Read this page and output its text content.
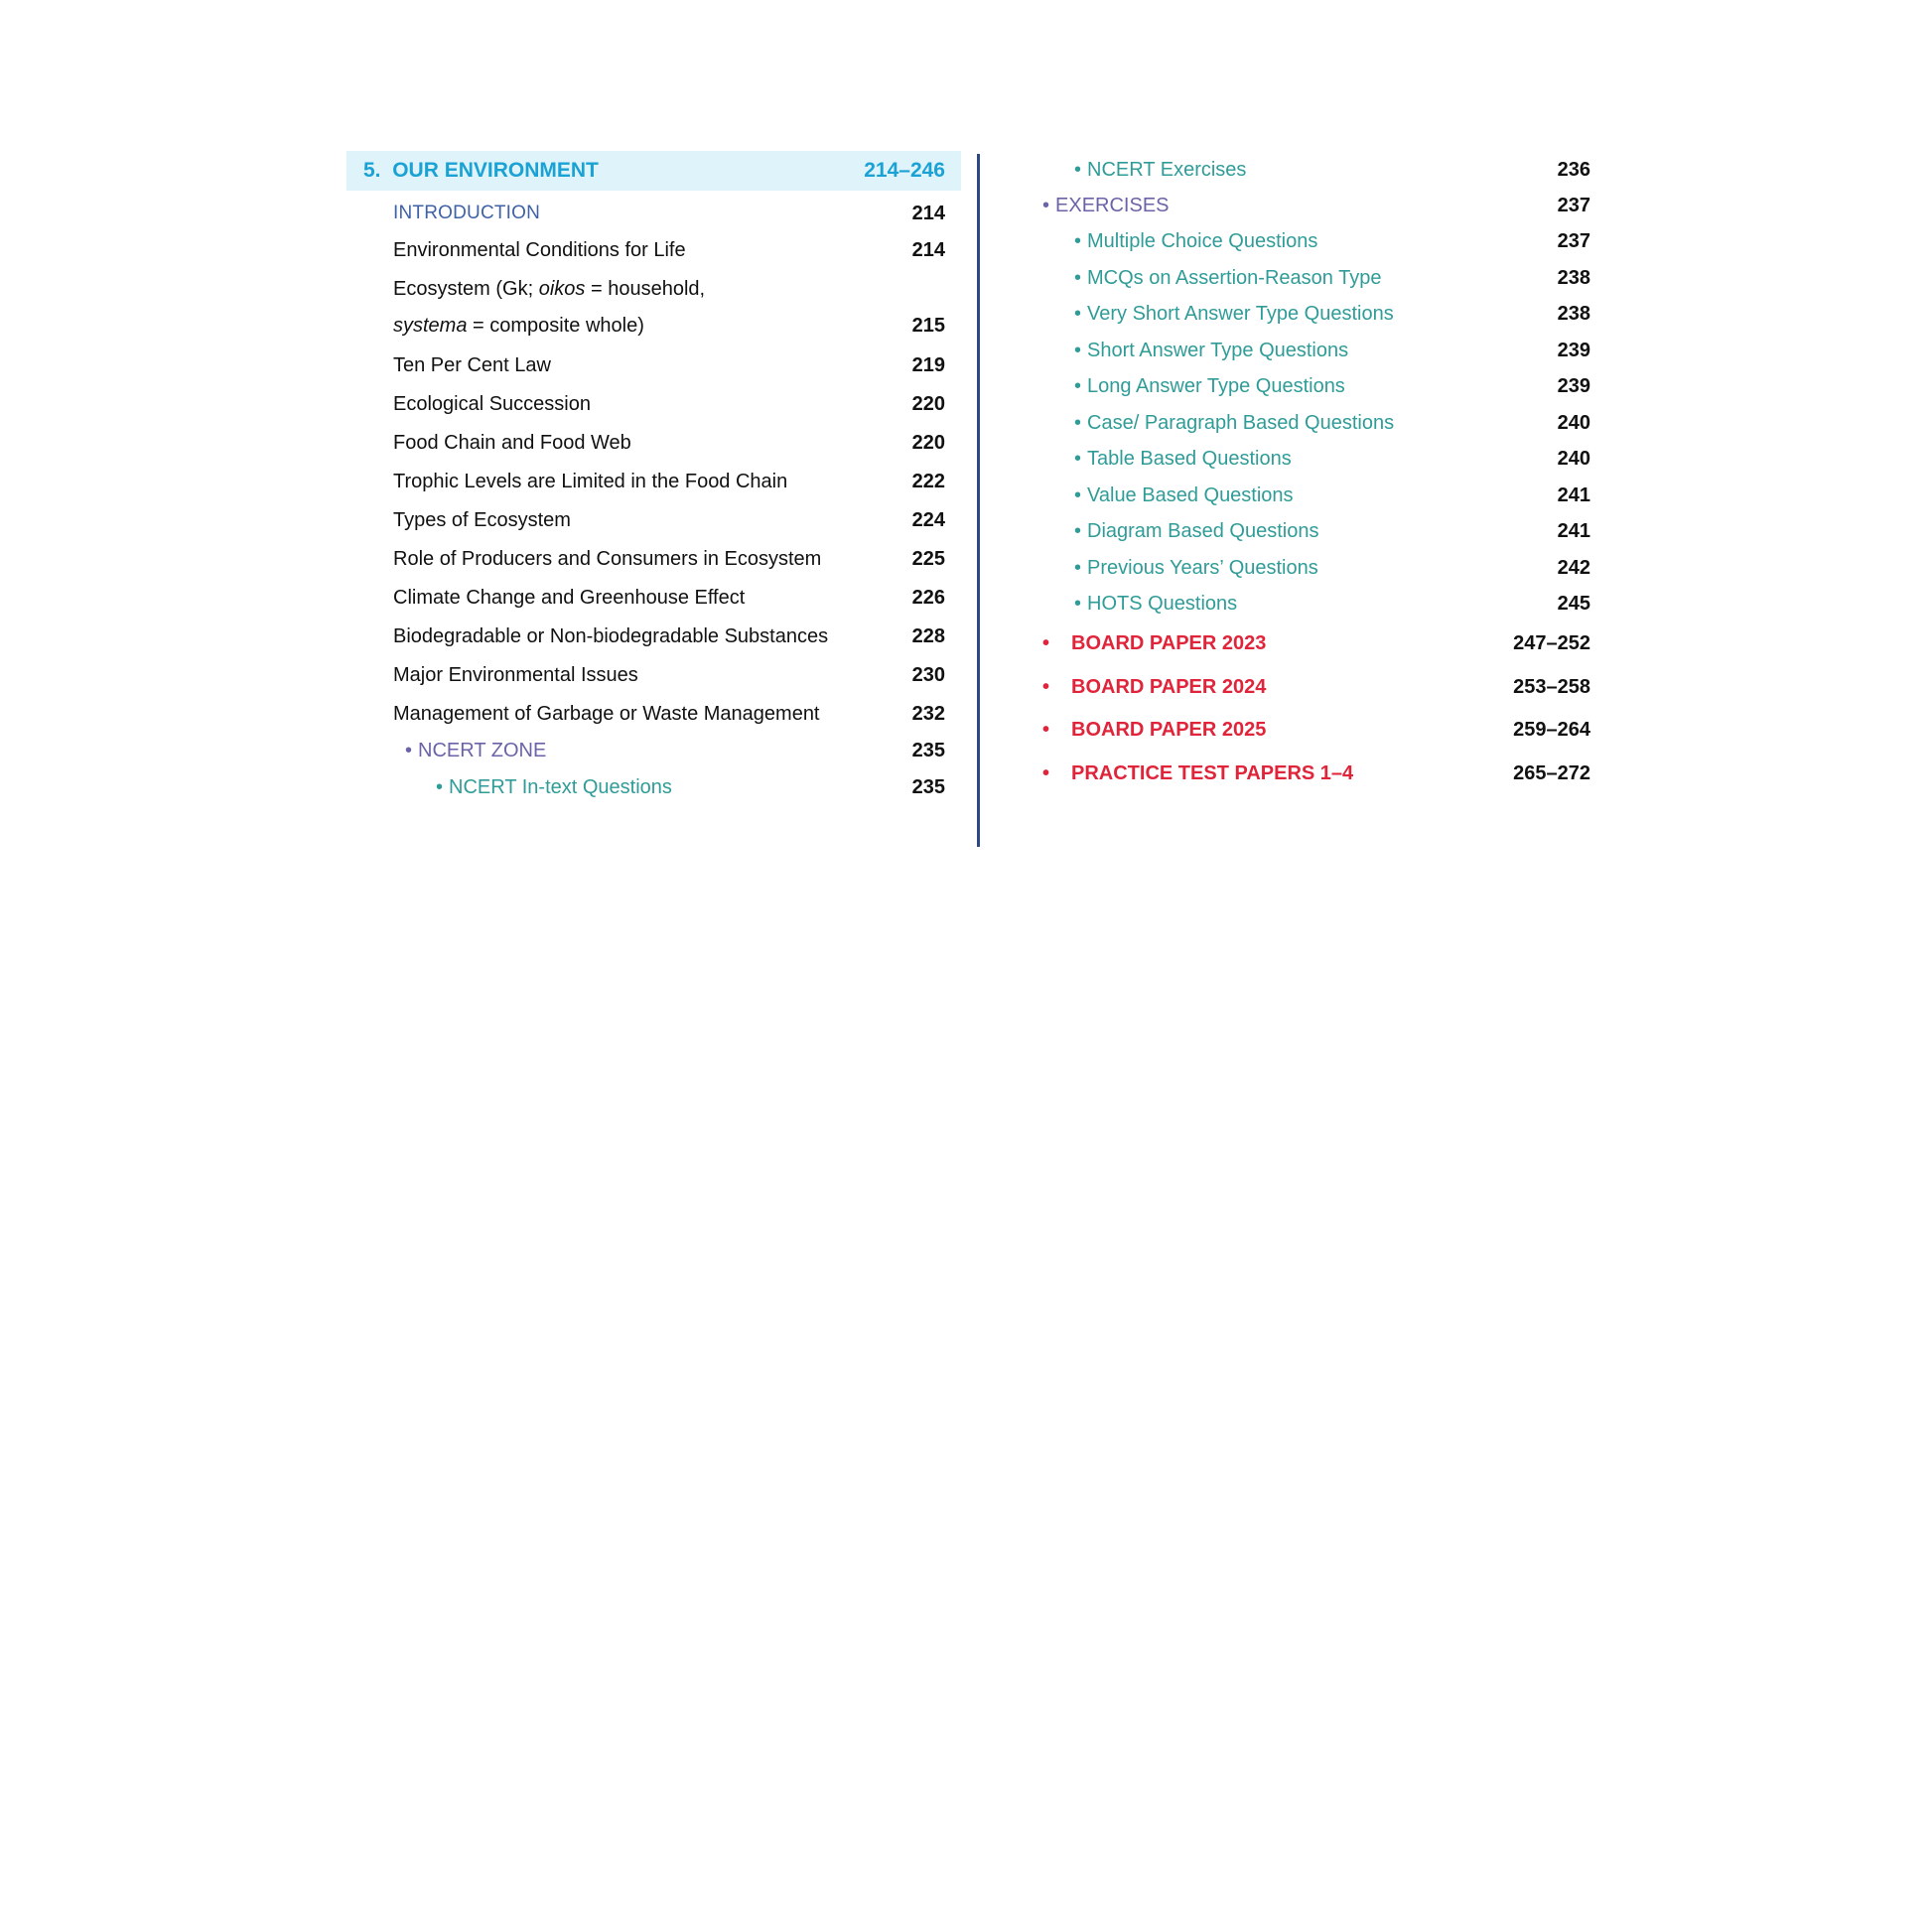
5. OUR ENVIRONMENT	214–246
INTRODUCTION	214
Environmental Conditions for Life	214
Ecosystem (Gk; oikos = household,
systema = composite whole)	215
Ten Per Cent Law	219
Ecological Succession	220
Food Chain and Food Web	220
Trophic Levels are Limited in the Food Chain	222
Types of Ecosystem	224
Role of Producers and Consumers in Ecosystem	225
Climate Change and Greenhouse Effect	226
Biodegradable or Non-biodegradable Substances	228
Major Environmental Issues	230
Management of Garbage or Waste Management	232
• NCERT ZONE	235
• NCERT In-text Questions	235
• NCERT Exercises	236
• EXERCISES	237
• Multiple Choice Questions	237
• MCQs on Assertion-Reason Type	238
• Very Short Answer Type Questions	238
• Short Answer Type Questions	239
• Long Answer Type Questions	239
• Case/ Paragraph Based Questions	240
• Table Based Questions	240
• Value Based Questions	241
• Diagram Based Questions	241
• Previous Years’ Questions	242
• HOTS Questions	245
• BOARD PAPER 2023	247–252
• BOARD PAPER 2024	253–258
• BOARD PAPER 2025	259–264
• PRACTICE TEST PAPERS 1–4	265–272
